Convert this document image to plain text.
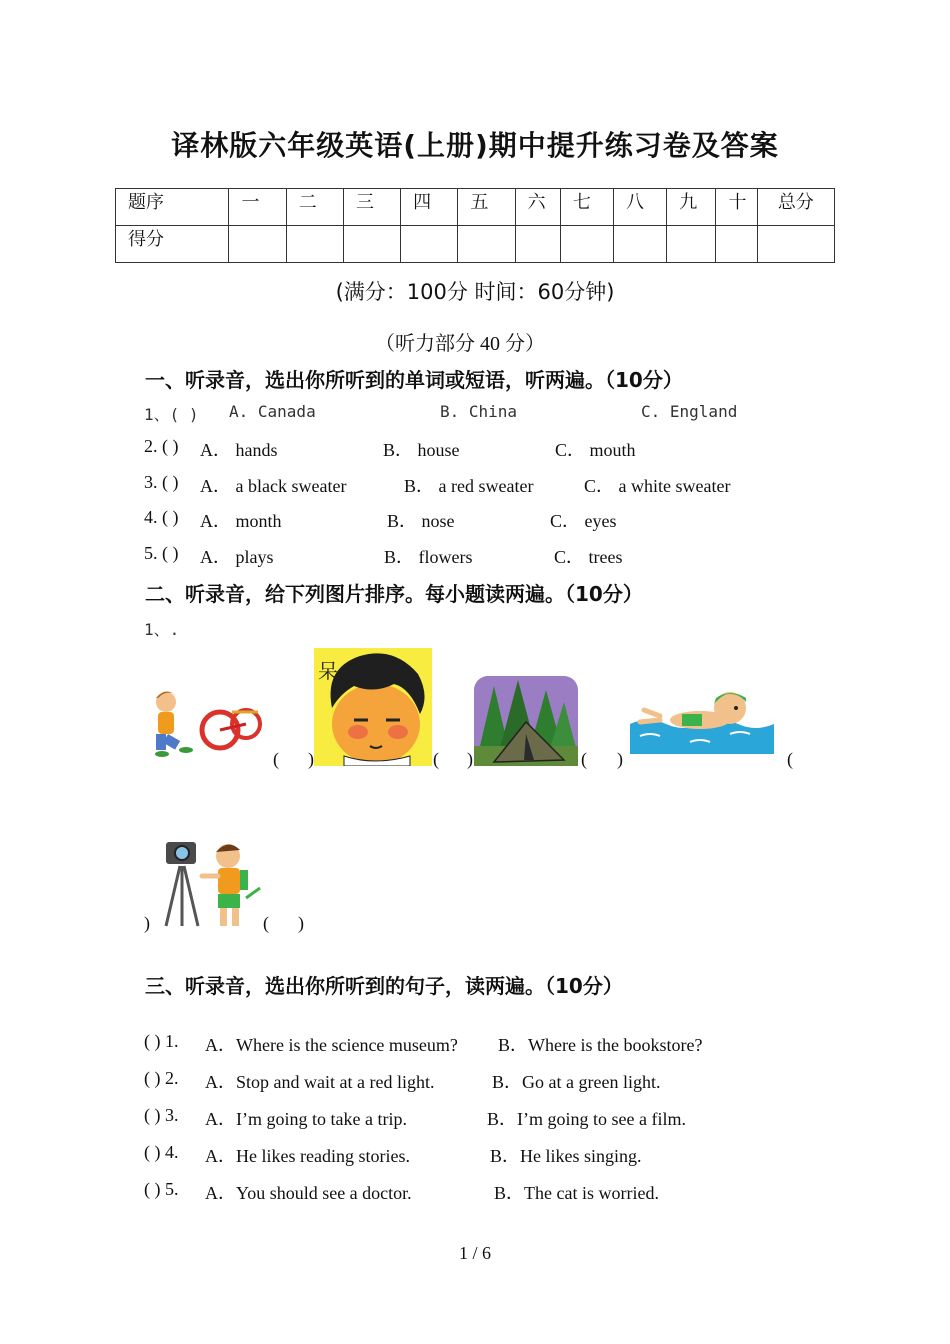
译林版六年级英语(上册)期中提升练习卷及答案
题序	一	二	三	四	五	六	七	八	九	十	总分
得分											
(满分：100分 时间：60分钟)
（听力部分 40 分）
一、听录音，选出你所听到的单词或短语，听两遍。（10分）
1、( ) A. Canada	B. China	C. England
2. ( ) A． hands	B． house	C． mouth
3. ( ) A． a black sweater	B． a red sweater	C． a white sweater
4. ( ) A． month	B． nose	C． eyes
5. ( ) A． plays	B． flowers	C． trees
二、听录音，给下列图片排序。每小题读两遍。（10分）
1、.
( )
呆
( )	( )	(
)	( )
三、听录音，选出你所听到的句子，读两遍。（10分）
( ) 1. A．Where is the science museum? B．Where is the bookstore?
( ) 2. A．Stop and wait at a red light.	B．Go at a green light.
( ) 3. A．I’m going to take a trip.	B．I’m going to see a film.
( ) 4. A．He likes reading stories.	B．He likes singing.
( ) 5. A．You should see a doctor.	B．The cat is worried.
1 / 6
